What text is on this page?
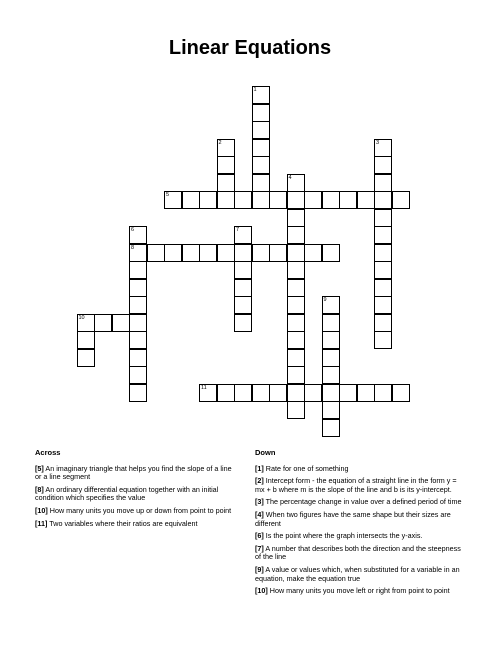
Linear Equations
1
2	3
4
5
6
8
7
9
10
11
Across
[5] An imaginary triangle that helps you find the slope of a line or a line segment
[8] An ordinary differential equation together with an initial condition which specifies the value
[10] How many units you move up or down from point to point
[11] Two variables where their ratios are equivalent
Down
[1] Rate for one of something
[2] Intercept form - the equation of a straight line in the form y = mx + b where m is the slope of the line and b is its y-intercept.
[3] The percentage change in value over a defined period of time
[4] When two figures have the same shape but their sizes are different
[6] Is the point where the graph intersects the y-axis.
[7] A number that describes both the direction and the steepness of the line
[9] A value or values which, when substituted for a variable in an equation, make the equation true
[10] How many units you move left or right from point to point
